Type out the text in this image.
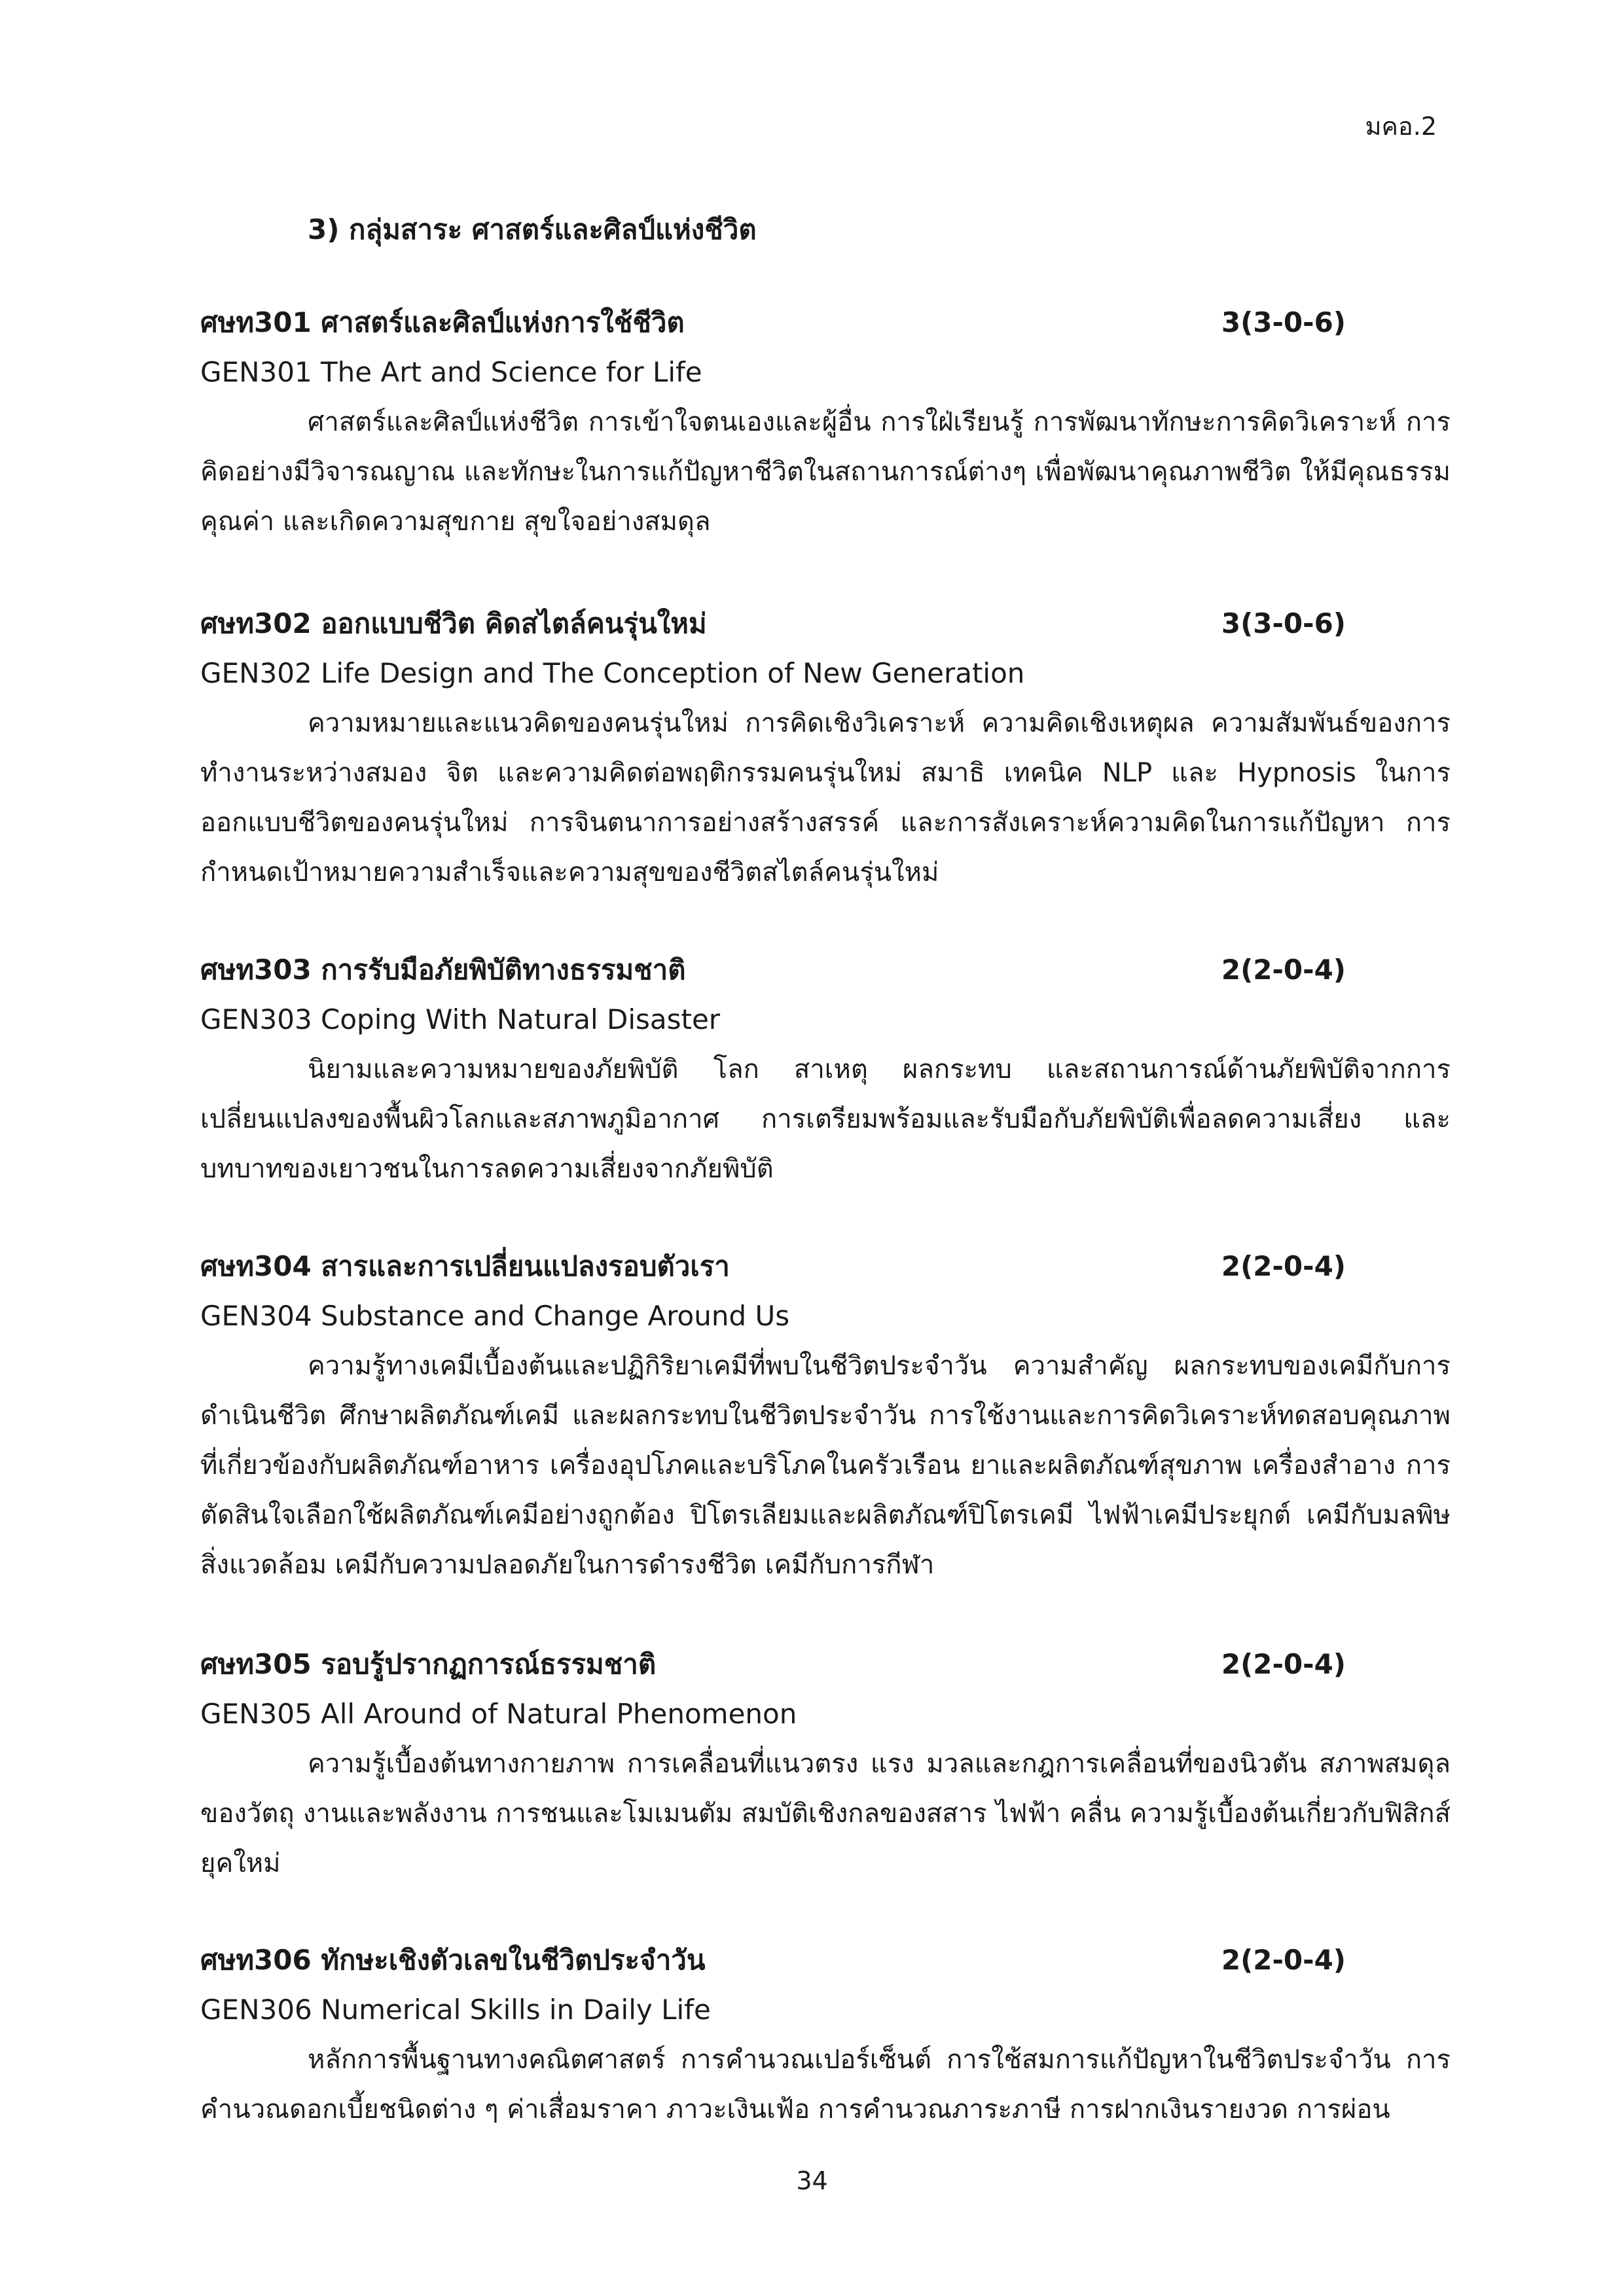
มคอ.2
3) กลุ่มสาระ ศาสตร์และศิลป์แห่งชีวิต
ศษท301 ศาสตร์และศิลป์แห่งการใช้ชีวิต	3(3-0-6)
GEN301 The Art and Science for Life

ศาสตร์และศิลป์แห่งชีวิต การเข้าใจตนเองและผู้อื่น การใฝ่เรียนรู้ การพัฒนาทักษะการคิดวิเคราะห์ การคิดอย่างมีวิจารณญาณ และทักษะในการแก้ปัญหาชีวิตในสถานการณ์ต่างๆ เพื่อพัฒนาคุณภาพชีวิต ให้มีคุณธรรม คุณค่า และเกิดความสุขกาย สุขใจอย่างสมดุล

ศษท302 ออกแบบชีวิต คิดสไตล์คนรุ่นใหม่	3(3-0-6)
GEN302 Life Design and The Conception of New Generation

ความหมายและแนวคิดของคนรุ่นใหม่ การคิดเชิงวิเคราะห์ ความคิดเชิงเหตุผล ความสัมพันธ์ของการทำงานระหว่างสมอง จิต และความคิดต่อพฤติกรรมคนรุ่นใหม่ สมาธิ เทคนิค NLP และ Hypnosis ในการออกแบบชีวิตของคนรุ่นใหม่ การจินตนาการอย่างสร้างสรรค์ และการสังเคราะห์ความคิดในการแก้ปัญหา การกำหนดเป้าหมายความสำเร็จและความสุขของชีวิตสไตล์คนรุ่นใหม่

ศษท303 การรับมือภัยพิบัติทางธรรมชาติ	2(2-0-4)
GEN303 Coping With Natural Disaster

นิยามและความหมายของภัยพิบัติ โลก สาเหตุ ผลกระทบ และสถานการณ์ด้านภัยพิบัติจากการเปลี่ยนแปลงของพื้นผิวโลกและสภาพภูมิอากาศ การเตรียมพร้อมและรับมือกับภัยพิบัติเพื่อลดความเสี่ยง และบทบาทของเยาวชนในการลดความเสี่ยงจากภัยพิบัติ

ศษท304 สารและการเปลี่ยนแปลงรอบตัวเรา	2(2-0-4)
GEN304 Substance and Change Around Us

ความรู้ทางเคมีเบื้องต้นและปฏิกิริยาเคมีที่พบในชีวิตประจำวัน ความสำคัญ ผลกระทบของเคมีกับการดำเนินชีวิต ศึกษาผลิตภัณฑ์เคมี และผลกระทบในชีวิตประจำวัน การใช้งานและการคิดวิเคราะห์ทดสอบคุณภาพที่เกี่ยวข้องกับผลิตภัณฑ์อาหาร เครื่องอุปโภคและบริโภคในครัวเรือน ยาและผลิตภัณฑ์สุขภาพ เครื่องสำอาง การตัดสินใจเลือกใช้ผลิตภัณฑ์เคมีอย่างถูกต้อง ปิโตรเลียมและผลิตภัณฑ์ปิโตรเคมี ไฟฟ้าเคมีประยุกต์ เคมีกับมลพิษสิ่งแวดล้อม เคมีกับความปลอดภัยในการดำรงชีวิต เคมีกับการกีฬา

ศษท305 รอบรู้ปรากฏการณ์ธรรมชาติ	2(2-0-4)
GEN305 All Around of Natural Phenomenon

ความรู้เบื้องต้นทางกายภาพ การเคลื่อนที่แนวตรง แรง มวลและกฎการเคลื่อนที่ของนิวตัน สภาพสมดุลของวัตถุ งานและพลังงาน การชนและโมเมนตัม สมบัติเชิงกลของสสาร ไฟฟ้า คลื่น ความรู้เบื้องต้นเกี่ยวกับฟิสิกส์ยุคใหม่

ศษท306 ทักษะเชิงตัวเลขในชีวิตประจำวัน	2(2-0-4)
GEN306 Numerical Skills in Daily Life

หลักการพื้นฐานทางคณิตศาสตร์ การคำนวณเปอร์เซ็นต์ การใช้สมการแก้ปัญหาในชีวิตประจำวัน การคำนวณดอกเบี้ยชนิดต่าง ๆ ค่าเสื่อมราคา ภาวะเงินเฟ้อ การคำนวณภาระภาษี การฝากเงินรายงวด การผ่อน

34
